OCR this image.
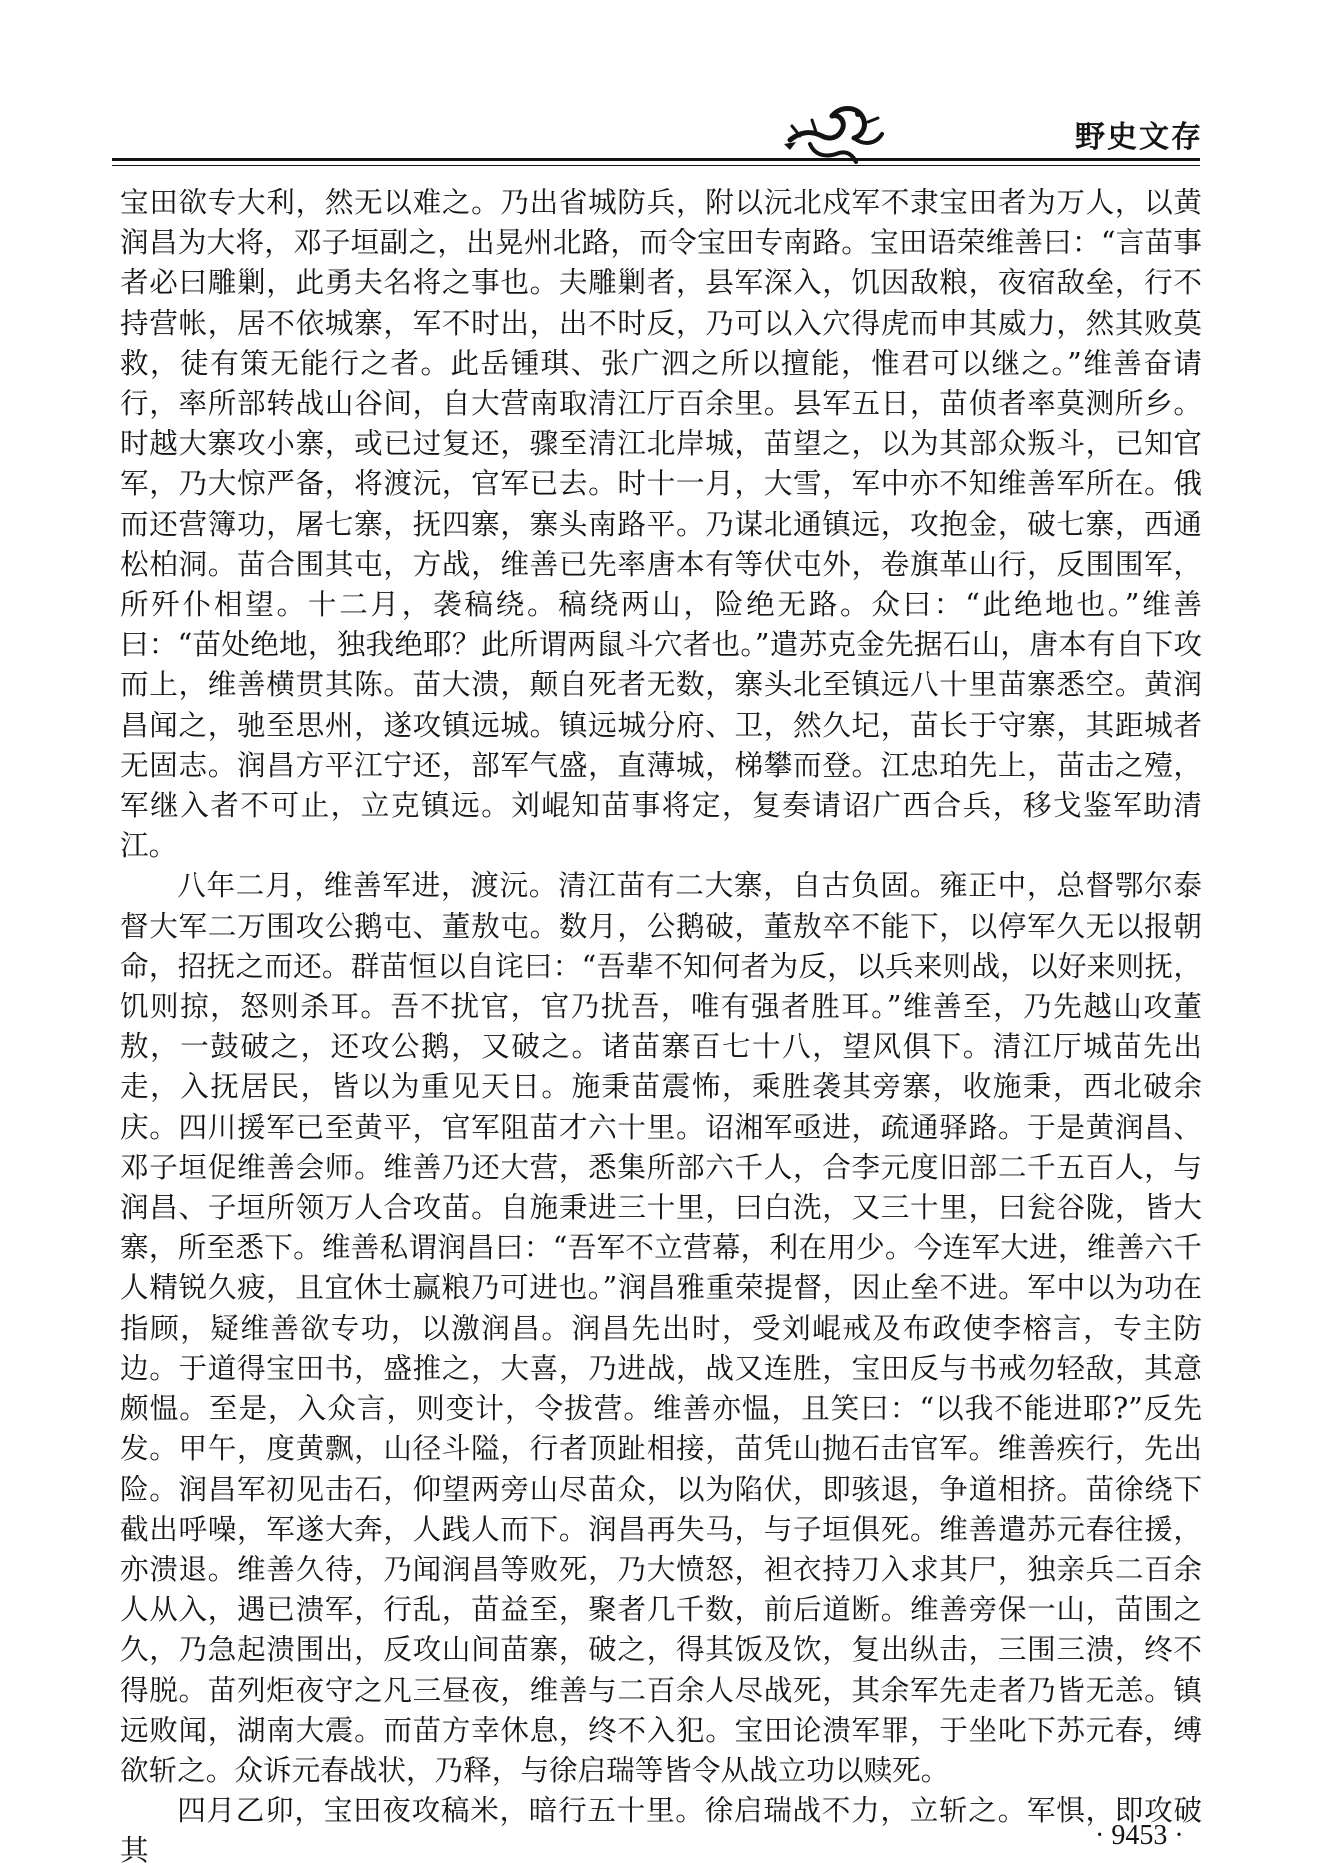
野史文存

宝田欲专大利，然无以难之。乃出省城防兵，附以沅北戍军不隶宝田者为万人，以黄润昌为大将，邓子垣副之，出晃州北路，而令宝田专南路。宝田语荣维善曰：“言苗事者必曰雕剿，此勇夫名将之事也。夫雕剿者，县军深入，饥因敌粮，夜宿敌垒，行不持营帐，居不依城寨，军不时出，出不时反，乃可以入穴得虎而申其威力，然其败莫救，徒有策无能行之者。此岳锺琪、张广泗之所以擅能，惟君可以继之。”维善奋请行，率所部转战山谷间，自大营南取清江厅百余里。县军五日，苗侦者率莫测所乡。时越大寨攻小寨，或已过复还，骤至清江北岸城，苗望之，以为其部众叛斗，已知官军，乃大惊严备，将渡沅，官军已去。时十一月，大雪，军中亦不知维善军所在。俄而还营簿功，屠七寨，抚四寨，寨头南路平。乃谋北通镇远，攻抱金，破七寨，西通松柏洞。苗合围其屯，方战，维善已先率唐本有等伏屯外，卷旗革山行，反围围军，所歼仆相望。十二月，袭稿绕。稿绕两山，险绝无路。众曰：“此绝地也。”维善曰：“苗处绝地，独我绝耶？此所谓两鼠斗穴者也。”遣苏克金先据石山，唐本有自下攻而上，维善横贯其陈。苗大溃，颠自死者无数，寨头北至镇远八十里苗寨悉空。黄润昌闻之，驰至思州，遂攻镇远城。镇远城分府、卫，然久圮，苗长于守寨，其距城者无固志。润昌方平江宁还，部军气盛，直薄城，梯攀而登。江忠珀先上，苗击之殪，军继入者不可止，立克镇远。刘崐知苗事将定，复奏请诏广西合兵，移戈鉴军助清江。

八年二月，维善军进，渡沅。清江苗有二大寨，自古负固。雍正中，总督鄂尔泰督大军二万围攻公鹅屯、董敖屯。数月，公鹅破，董敖卒不能下，以停军久无以报朝命，招抚之而还。群苗恒以自诧曰：“吾辈不知何者为反，以兵来则战，以好来则抚，饥则掠，怒则杀耳。吾不扰官，官乃扰吾，唯有强者胜耳。”维善至，乃先越山攻董敖，一鼓破之，还攻公鹅，又破之。诸苗寨百七十八，望风俱下。清江厅城苗先出走，入抚居民，皆以为重见天日。施秉苗震怖，乘胜袭其旁寨，收施秉，西北破余庆。四川援军已至黄平，官军阻苗才六十里。诏湘军亟进，疏通驿路。于是黄润昌、邓子垣促维善会师。维善乃还大营，悉集所部六千人，合李元度旧部二千五百人，与润昌、子垣所领万人合攻苗。自施秉进三十里，曰白洗，又三十里，曰瓮谷陇，皆大寨，所至悉下。维善私谓润昌曰：“吾军不立营幕，利在用少。今连军大进，维善六千人精锐久疲，且宜休士赢粮乃可进也。”润昌雅重荣提督，因止垒不进。军中以为功在指顾，疑维善欲专功，以激润昌。润昌先出时，受刘崐戒及布政使李榕言，专主防边。于道得宝田书，盛推之，大喜，乃进战，战又连胜，宝田反与书戒勿轻敌，其意颇愠。至是，入众言，则变计，令拔营。维善亦愠，且笑曰：“以我不能进耶?”反先发。甲午，度黄飘，山径斗隘，行者顶趾相接，苗凭山抛石击官军。维善疾行，先出险。润昌军初见击石，仰望两旁山尽苗众，以为陷伏，即骇退，争道相挤。苗徐绕下截出呼噪，军遂大奔，人践人而下。润昌再失马，与子垣俱死。维善遣苏元春往援，亦溃退。维善久待，乃闻润昌等败死，乃大愤怒，袒衣持刀入求其尸，独亲兵二百余人从入，遇已溃军，行乱，苗益至，聚者几千数，前后道断。维善旁保一山，苗围之久，乃急起溃围出，反攻山间苗寨，破之，得其饭及饮，复出纵击，三围三溃，终不得脱。苗列炬夜守之凡三昼夜，维善与二百余人尽战死，其余军先走者乃皆无恙。镇远败闻，湖南大震。而苗方幸休息，终不入犯。宝田论溃军罪，于坐叱下苏元春，缚欲斩之。众诉元春战状，乃释，与徐启瑞等皆令从战立功以赎死。

四月乙卯，宝田夜攻稿米，暗行五十里。徐启瑞战不力，立斩之。军惧，即攻破其	· 9453 ·
